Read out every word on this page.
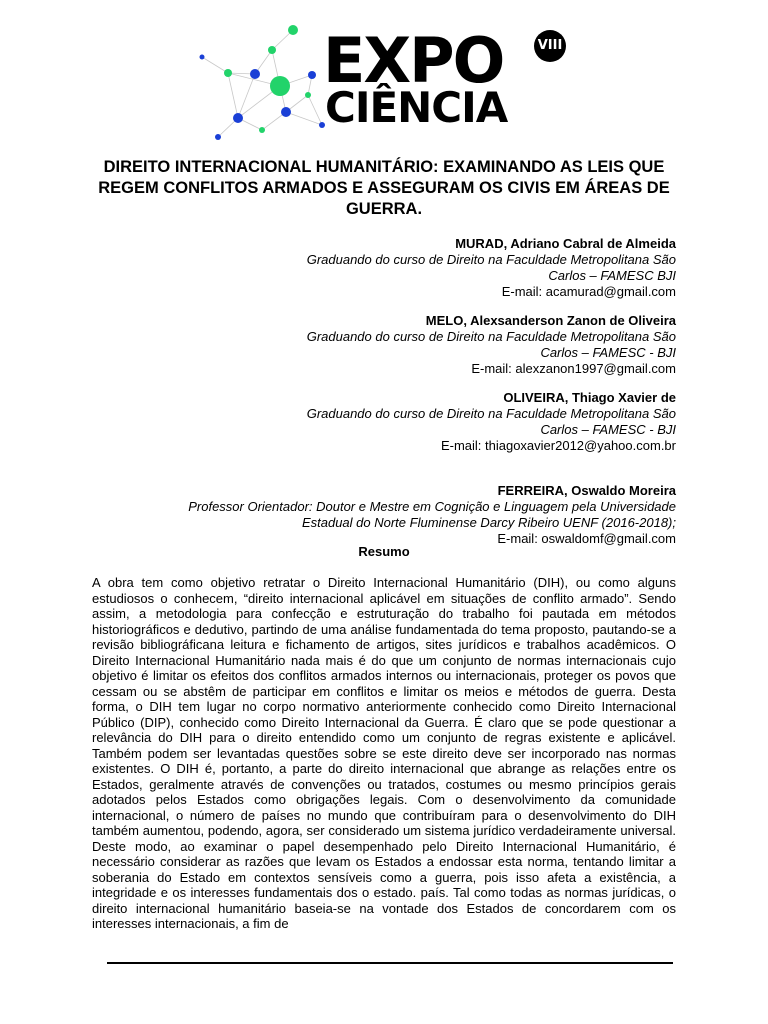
EXPO	VIII
CIÊNCIA
DIREITO INTERNACIONAL HUMANITÁRIO: EXAMINANDO AS LEIS QUE REGEM CONFLITOS ARMADOS E ASSEGURAM OS CIVIS EM ÁREAS DE GUERRA.
MURAD, Adriano Cabral de Almeida
Graduando do curso de Direito na Faculdade Metropolitana São
Carlos – FAMESC BJI
E-mail: acamurad@gmail.com
MELO, Alexsanderson Zanon de Oliveira
Graduando do curso de Direito na Faculdade Metropolitana São
Carlos – FAMESC - BJI
E-mail: alexzanon1997@gmail.com
OLIVEIRA, Thiago Xavier de
Graduando do curso de Direito na Faculdade Metropolitana São
Carlos – FAMESC - BJI
E-mail: thiagoxavier2012@yahoo.com.br
FERREIRA, Oswaldo Moreira
Professor Orientador: Doutor e Mestre em Cognição e Linguagem pela Universidade
Estadual do Norte Fluminense Darcy Ribeiro UENF (2016-2018);
E-mail: oswaldomf@gmail.com
Resumo

A obra tem como objetivo retratar o Direito Internacional Humanitário (DIH), ou como alguns estudiosos o conhecem, “direito internacional aplicável em situações de conflito armado”. Sendo assim, a metodologia para confecção e estruturação do trabalho foi pautada em métodos historiográficos e dedutivo, partindo de uma análise fundamentada do tema proposto, pautando-se a revisão bibliográficana leitura e fichamento de artigos, sites jurídicos e trabalhos acadêmicos. O Direito Internacional Humanitário nada mais é do que um conjunto de normas internacionais cujo objetivo é limitar os efeitos dos conflitos armados internos ou internacionais, proteger os povos que cessam ou se abstêm de participar em conflitos e limitar os meios e métodos de guerra. Desta forma, o DIH tem lugar no corpo normativo anteriormente conhecido como Direito Internacional Público (DIP), conhecido como Direito Internacional da Guerra. É claro que se pode questionar a relevância do DIH para o direito entendido como um conjunto de regras existente e aplicável. Também podem ser levantadas questões sobre se este direito deve ser incorporado nas normas existentes. O DIH é, portanto, a parte do direito internacional que abrange as relações entre os Estados, geralmente através de convenções ou tratados, costumes ou mesmo princípios gerais adotados pelos Estados como obrigações legais. Com o desenvolvimento da comunidade internacional, o número de países no mundo que contribuíram para o desenvolvimento do DIH também aumentou, podendo, agora, ser considerado um sistema jurídico verdadeiramente universal. Deste modo, ao examinar o papel desempenhado pelo Direito Internacional Humanitário, é necessário considerar as razões que levam os Estados a endossar esta norma, tentando limitar a soberania do Estado em contextos sensíveis como a guerra, pois isso afeta a existência, a integridade e os interesses fundamentais dos o estado. país. Tal como todas as normas jurídicas, o direito internacional humanitário baseia-se na vontade dos Estados de concordarem com os interesses internacionais, a fim de
